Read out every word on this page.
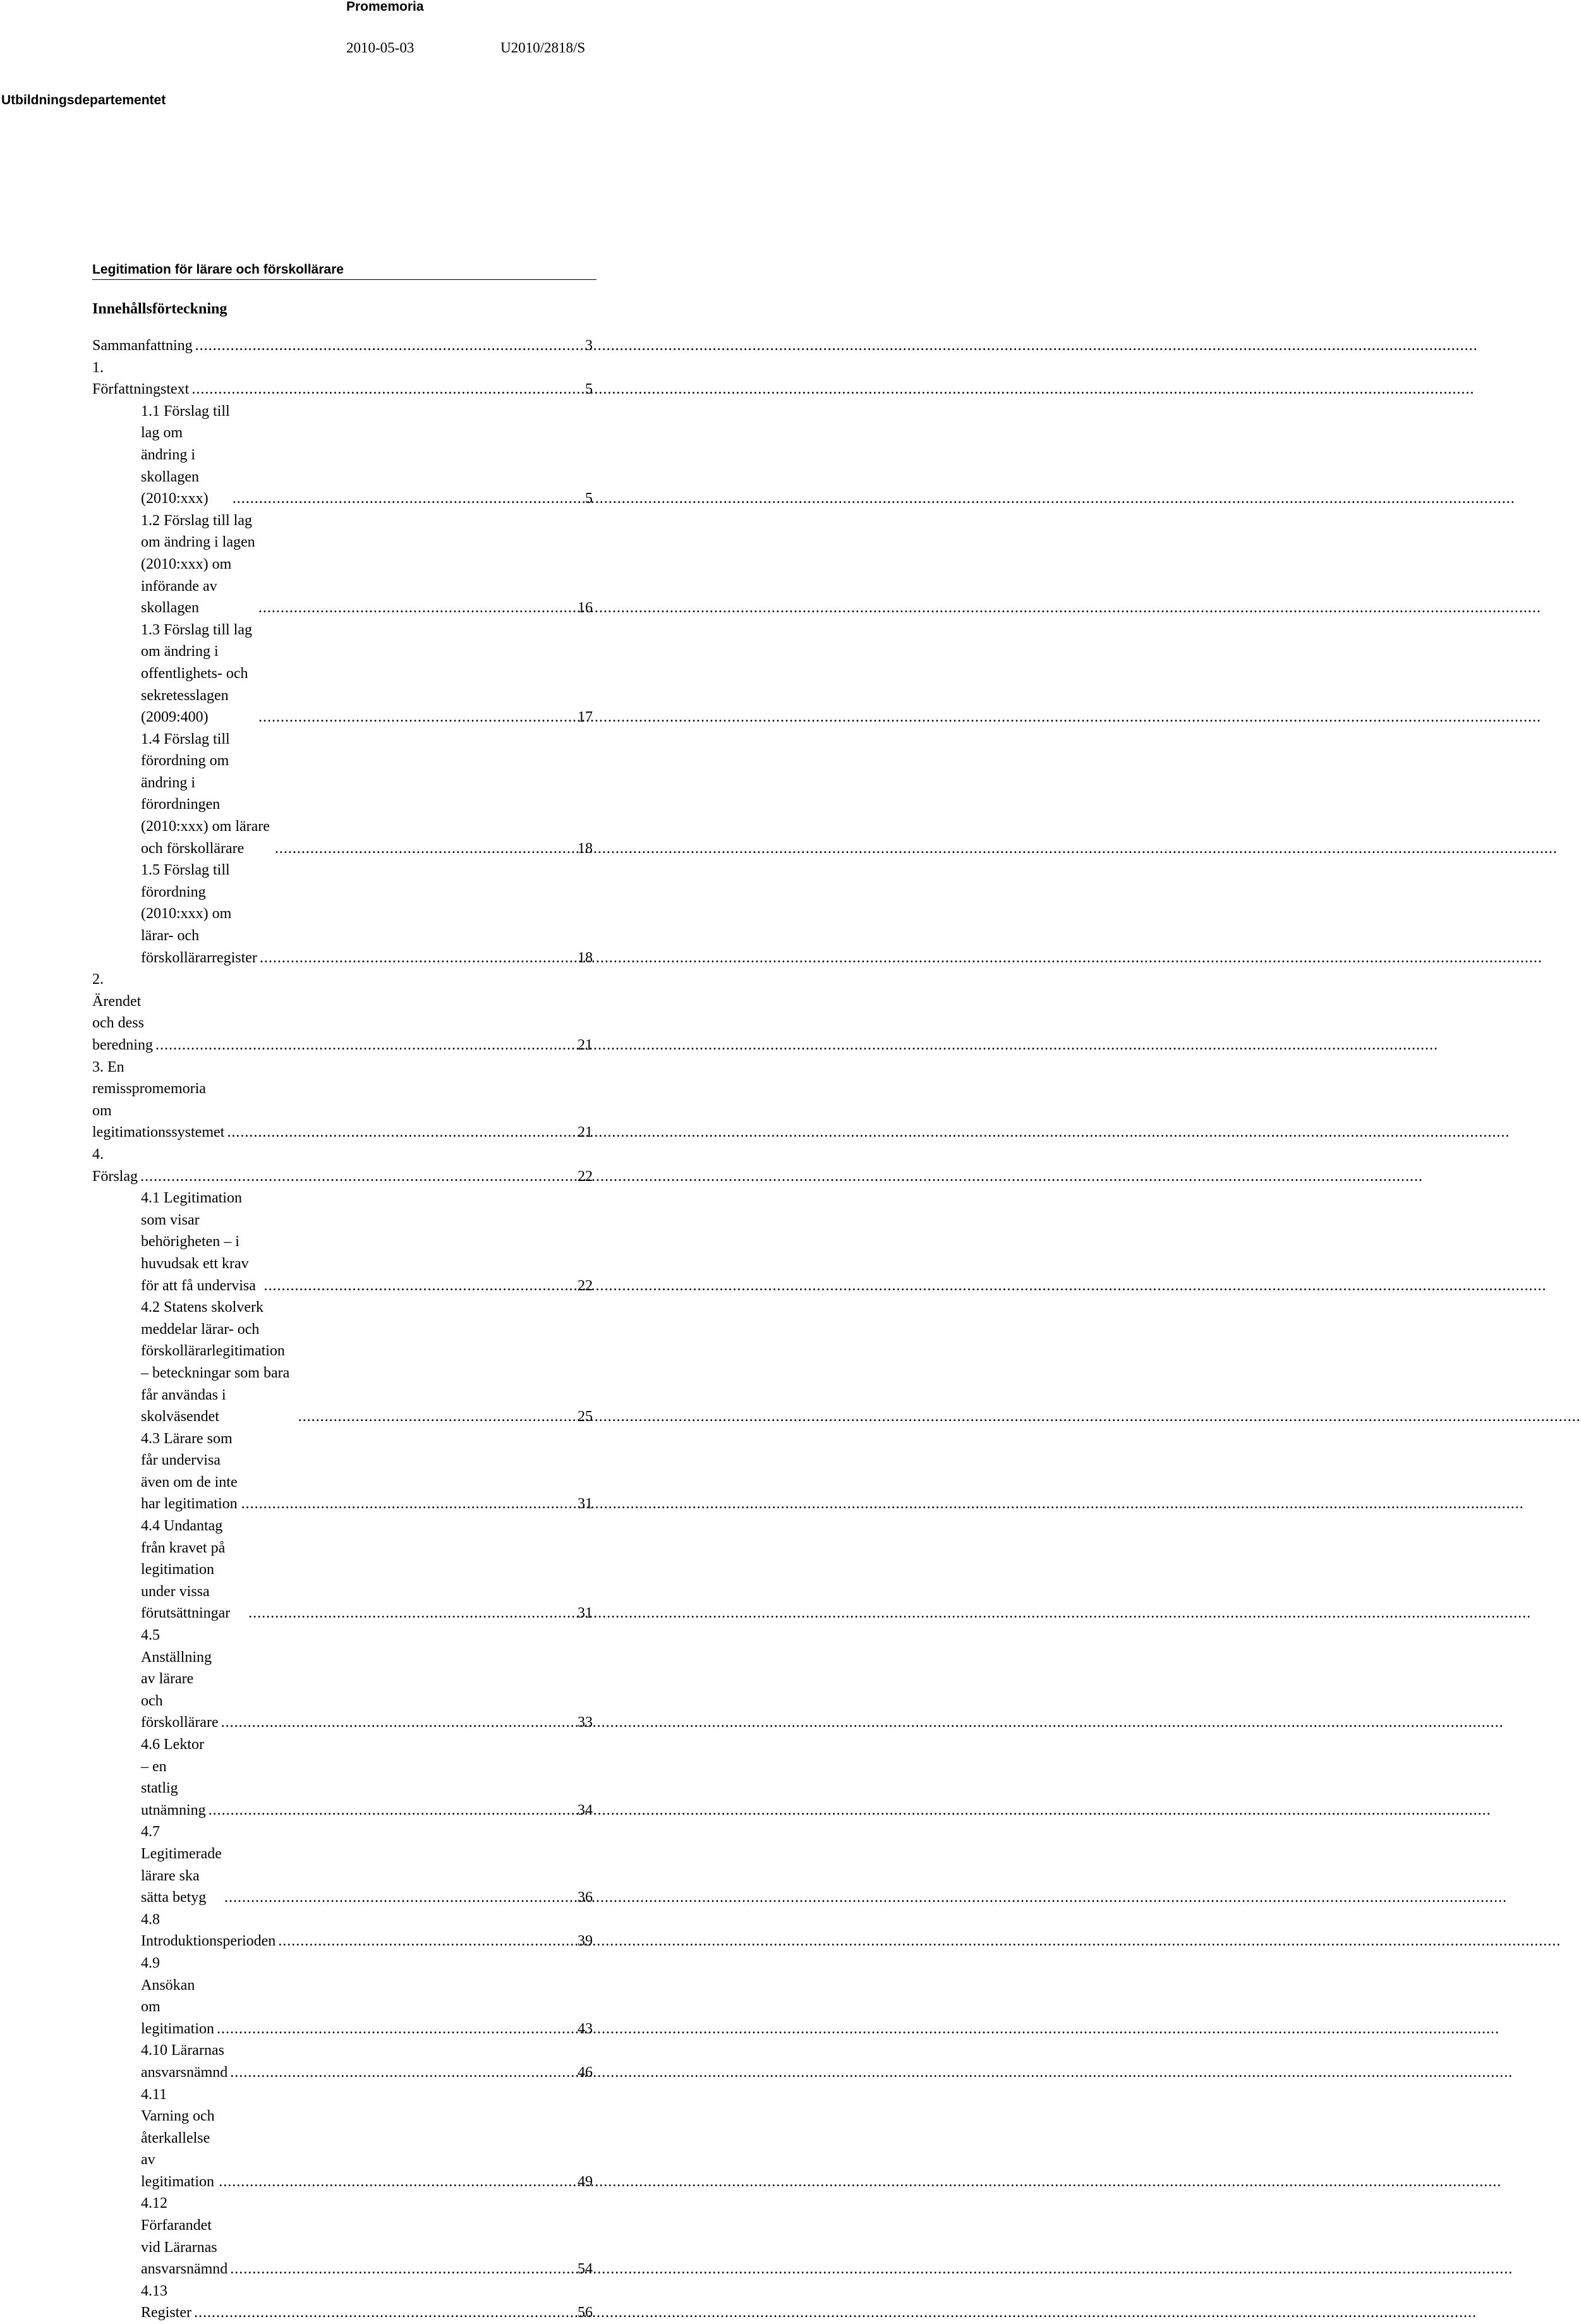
Promemoria
2010-05-03	U2010/2818/S
Utbildningsdepartementet
Legitimation för lärare och förskollärare
Innehållsförteckning
Sammanfattning .....	3
1. Författningstext .....	5
1.1 Förslag till lag om ändring i skollagen (2010:xxx) .....	5
1.2 Förslag till lag om ändring i lagen (2010:xxx) om införande av skollagen .....	16
1.3 Förslag till lag om ändring i offentlighets- och sekretesslagen (2009:400) .....	17
1.4 Förslag till förordning om ändring i förordningen (2010:xxx) om lärare och förskollärare .....	18
1.5 Förslag till förordning (2010:xxx) om lärar- och förskollärarregister .....	18
2. Ärendet och dess beredning .....	21
3. En remisspromemoria om legitimationssystemet .....	21
4. Förslag .....	22
4.1 Legitimation som visar behörigheten – i huvudsak ett krav för att få undervisa .....	22
4.2 Statens skolverk meddelar lärar- och förskollärarlegitimation – beteckningar som bara får användas i skolväsendet .....	25
4.3 Lärare som får undervisa även om de inte har legitimation .....	31
4.4 Undantag från kravet på legitimation under vissa förutsättningar .....	31
4.5 Anställning av lärare och förskollärare .....	33
4.6 Lektor – en statlig utnämning .....	34
4.7 Legitimerade lärare ska sätta betyg .....	36
4.8 Introduktionsperioden .....	39
4.9 Ansökan om legitimation .....	43
4.10 Lärarnas ansvarsnämnd .....	46
4.11 Varning och återkallelse av legitimation .....	49
4.12 Förfarandet vid Lärarnas ansvarsnämnd .....	54
4.13 Register .....	56
